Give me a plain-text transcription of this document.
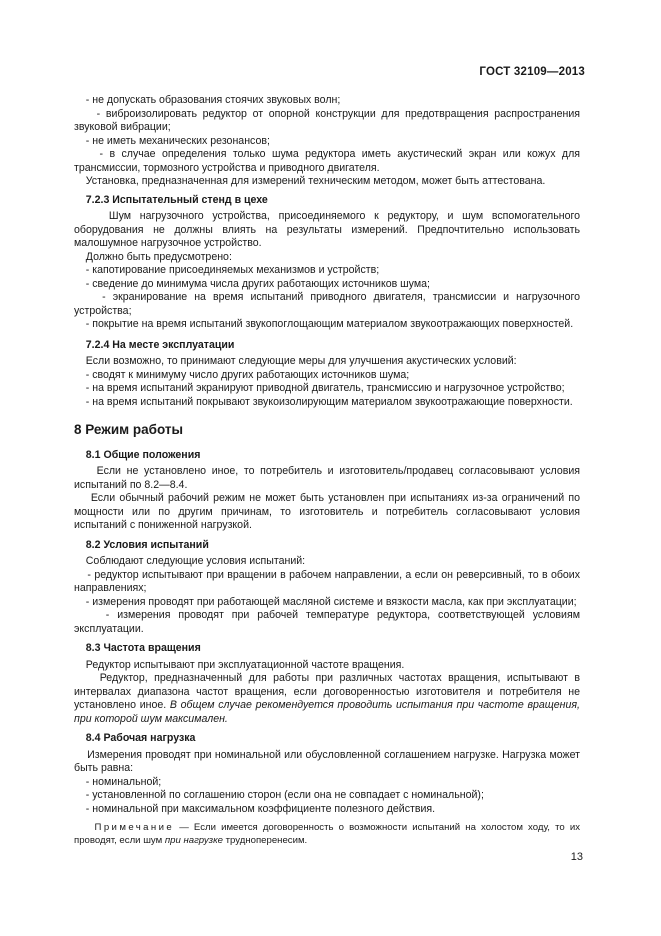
ГОСТ 32109—2013

- не допускать образования стоячих звуковых волн;

- виброизолировать редуктор от опорной конструкции для предотвращения распространения звуковой вибрации;

- не иметь механических резонансов;

- в случае определения только шума редуктора иметь акустический экран или кожух для трансмиссии, тормозного устройства и приводного двигателя.

Установка, предназначенная для измерений техническим методом, может быть аттестована.

7.2.3 Испытательный стенд в цехе

Шум нагрузочного устройства, присоединяемого к редуктору, и шум вспомогательного оборудования не должны влиять на результаты измерений. Предпочтительно использовать малошумное нагрузочное устройство.

Должно быть предусмотрено:

- капотирование присоединяемых механизмов и устройств;

- сведение до минимума числа других работающих источников шума;

- экранирование на время испытаний приводного двигателя, трансмиссии и нагрузочного устройства;

- покрытие на время испытаний звукопоглощающим материалом звукоотражающих поверхностей.

7.2.4 На месте эксплуатации

Если возможно, то принимают следующие меры для улучшения акустических условий:

- сводят к минимуму число других работающих источников шума;

- на время испытаний экранируют приводной двигатель, трансмиссию и нагрузочное устройство;

- на время испытаний покрывают звукоизолирующим материалом звукоотражающие поверхности.

8 Режим работы

8.1 Общие положения

Если не установлено иное, то потребитель и изготовитель/продавец согласовывают условия испытаний по 8.2—8.4.

Если обычный рабочий режим не может быть установлен при испытаниях из-за ограничений по мощности или по другим причинам, то изготовитель и потребитель согласовывают условия испытаний с пониженной нагрузкой.

8.2 Условия испытаний

Соблюдают следующие условия испытаний:

- редуктор испытывают при вращении в рабочем направлении, а если он реверсивный, то в обоих направлениях;

- измерения проводят при работающей масляной системе и вязкости масла, как при эксплуатации;

- измерения проводят при рабочей температуре редуктора, соответствующей условиям эксплуатации.

8.3 Частота вращения

Редуктор испытывают при эксплуатационной частоте вращения.

Редуктор, предназначенный для работы при различных частотах вращения, испытывают в интервалах диапазона частот вращения, если договоренностью изготовителя и потребителя не установлено иное. В общем случае рекомендуется проводить испытания при частоте вращения, при которой шум максимален.

8.4 Рабочая нагрузка

Измерения проводят при номинальной или обусловленной соглашением нагрузке. Нагрузка может быть равна:

- номинальной;

- установленной по соглашению сторон (если она не совпадает с номинальной);

- номинальной при максимальном коэффициенте полезного действия.

Примечание — Если имеется договоренность о возможности испытаний на холостом ходу, то их проводят, если шум при нагрузке трудноперенесим.

13
